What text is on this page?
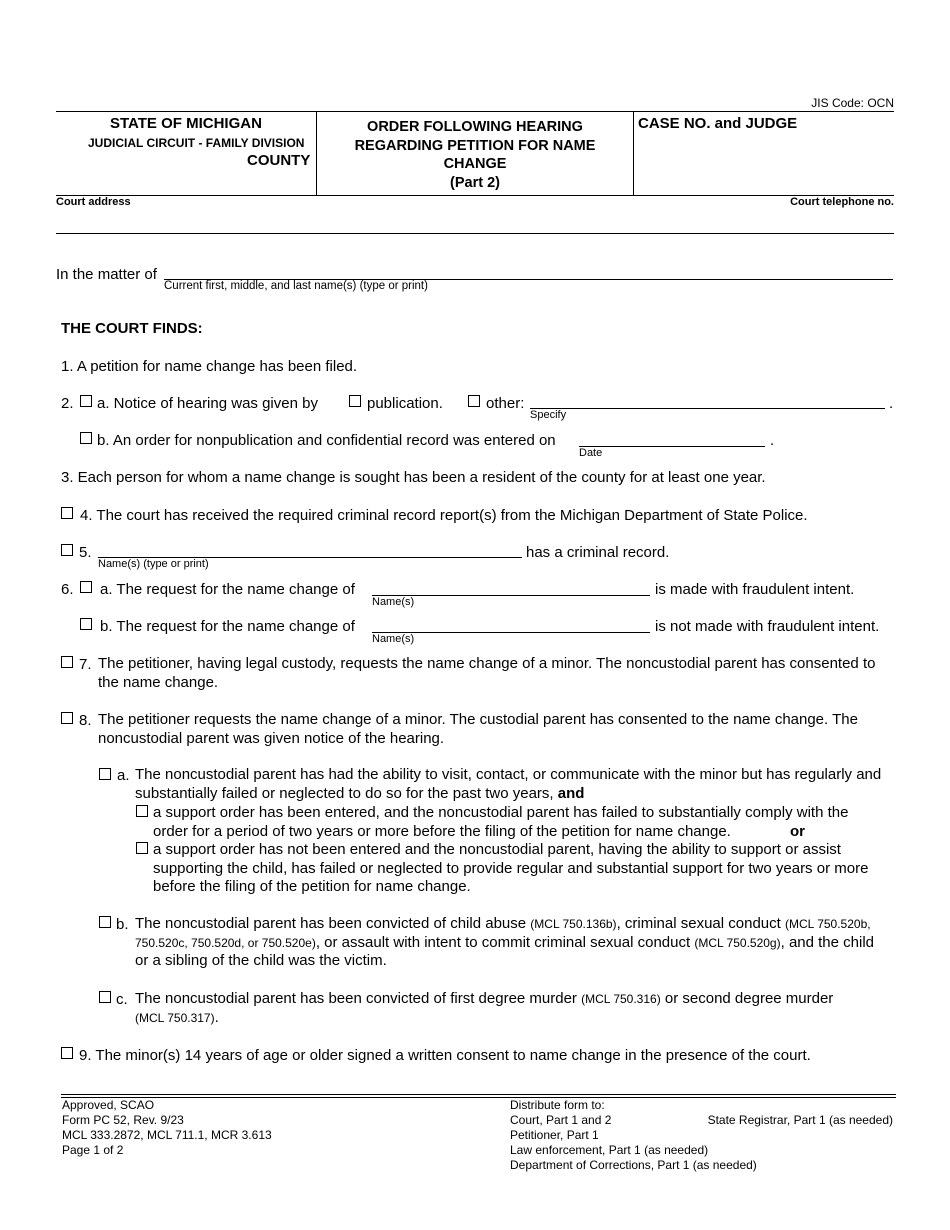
JIS Code: OCN
STATE OF MICHIGAN
JUDICIAL CIRCUIT - FAMILY DIVISION
COUNTY
ORDER FOLLOWING HEARING
REGARDING PETITION FOR NAME
CHANGE
(Part 2)
CASE NO. and JUDGE
Court address	Court telephone no.
In the matter of
Current first, middle, and last name(s) (type or print)
THE COURT FINDS:
1. A petition for name change has been filed.
2. a. Notice of hearing was given by	publication.	other:	.
Specify
b. An order for nonpublication and confidential record was entered on	.
Date
3. Each person for whom a name change is sought has been a resident of the county for at least one year.
4. The court has received the required criminal record report(s) from the Michigan Department of State Police.
5.	has a criminal record.
Name(s) (type or print)
6. a. The request for the name change of	is made with fraudulent intent.
Name(s)
b. The request for the name change of	is not made with fraudulent intent.
Name(s)
7. The petitioner, having legal custody, requests the name change of a minor. The noncustodial parent has consented to
the name change.
8. The petitioner requests the name change of a minor. The custodial parent has consented to the name change. The
noncustodial parent was given notice of the hearing.
a. The noncustodial parent has had the ability to visit, contact, or communicate with the minor but has regularly and
substantially failed or neglected to do so for the past two years, and
a support order has been entered, and the noncustodial parent has failed to substantially comply with the
order for a period of two years or more before the filing of the petition for name change.	or
a support order has not been entered and the noncustodial parent, having the ability to support or assist
supporting the child, has failed or neglected to provide regular and substantial support for two years or more
before the filing of the petition for name change.
b. The noncustodial parent has been convicted of child abuse (MCL 750.136b), criminal sexual conduct (MCL 750.520b,
750.520c, 750.520d, or 750.520e), or assault with intent to commit criminal sexual conduct (MCL 750.520g), and the child
or a sibling of the child was the victim.
c. The noncustodial parent has been convicted of first degree murder (MCL 750.316) or second degree murder
(MCL 750.317).
9. The minor(s) 14 years of age or older signed a written consent to name change in the presence of the court.
Approved, SCAO
Form PC 52, Rev. 9/23
MCL 333.2872, MCL 711.1, MCR 3.613
Page 1 of 2
Distribute form to:
Court, Part 1 and 2
Petitioner, Part 1
Law enforcement, Part 1 (as needed)
Department of Corrections, Part 1 (as needed)
State Registrar, Part 1 (as needed)
